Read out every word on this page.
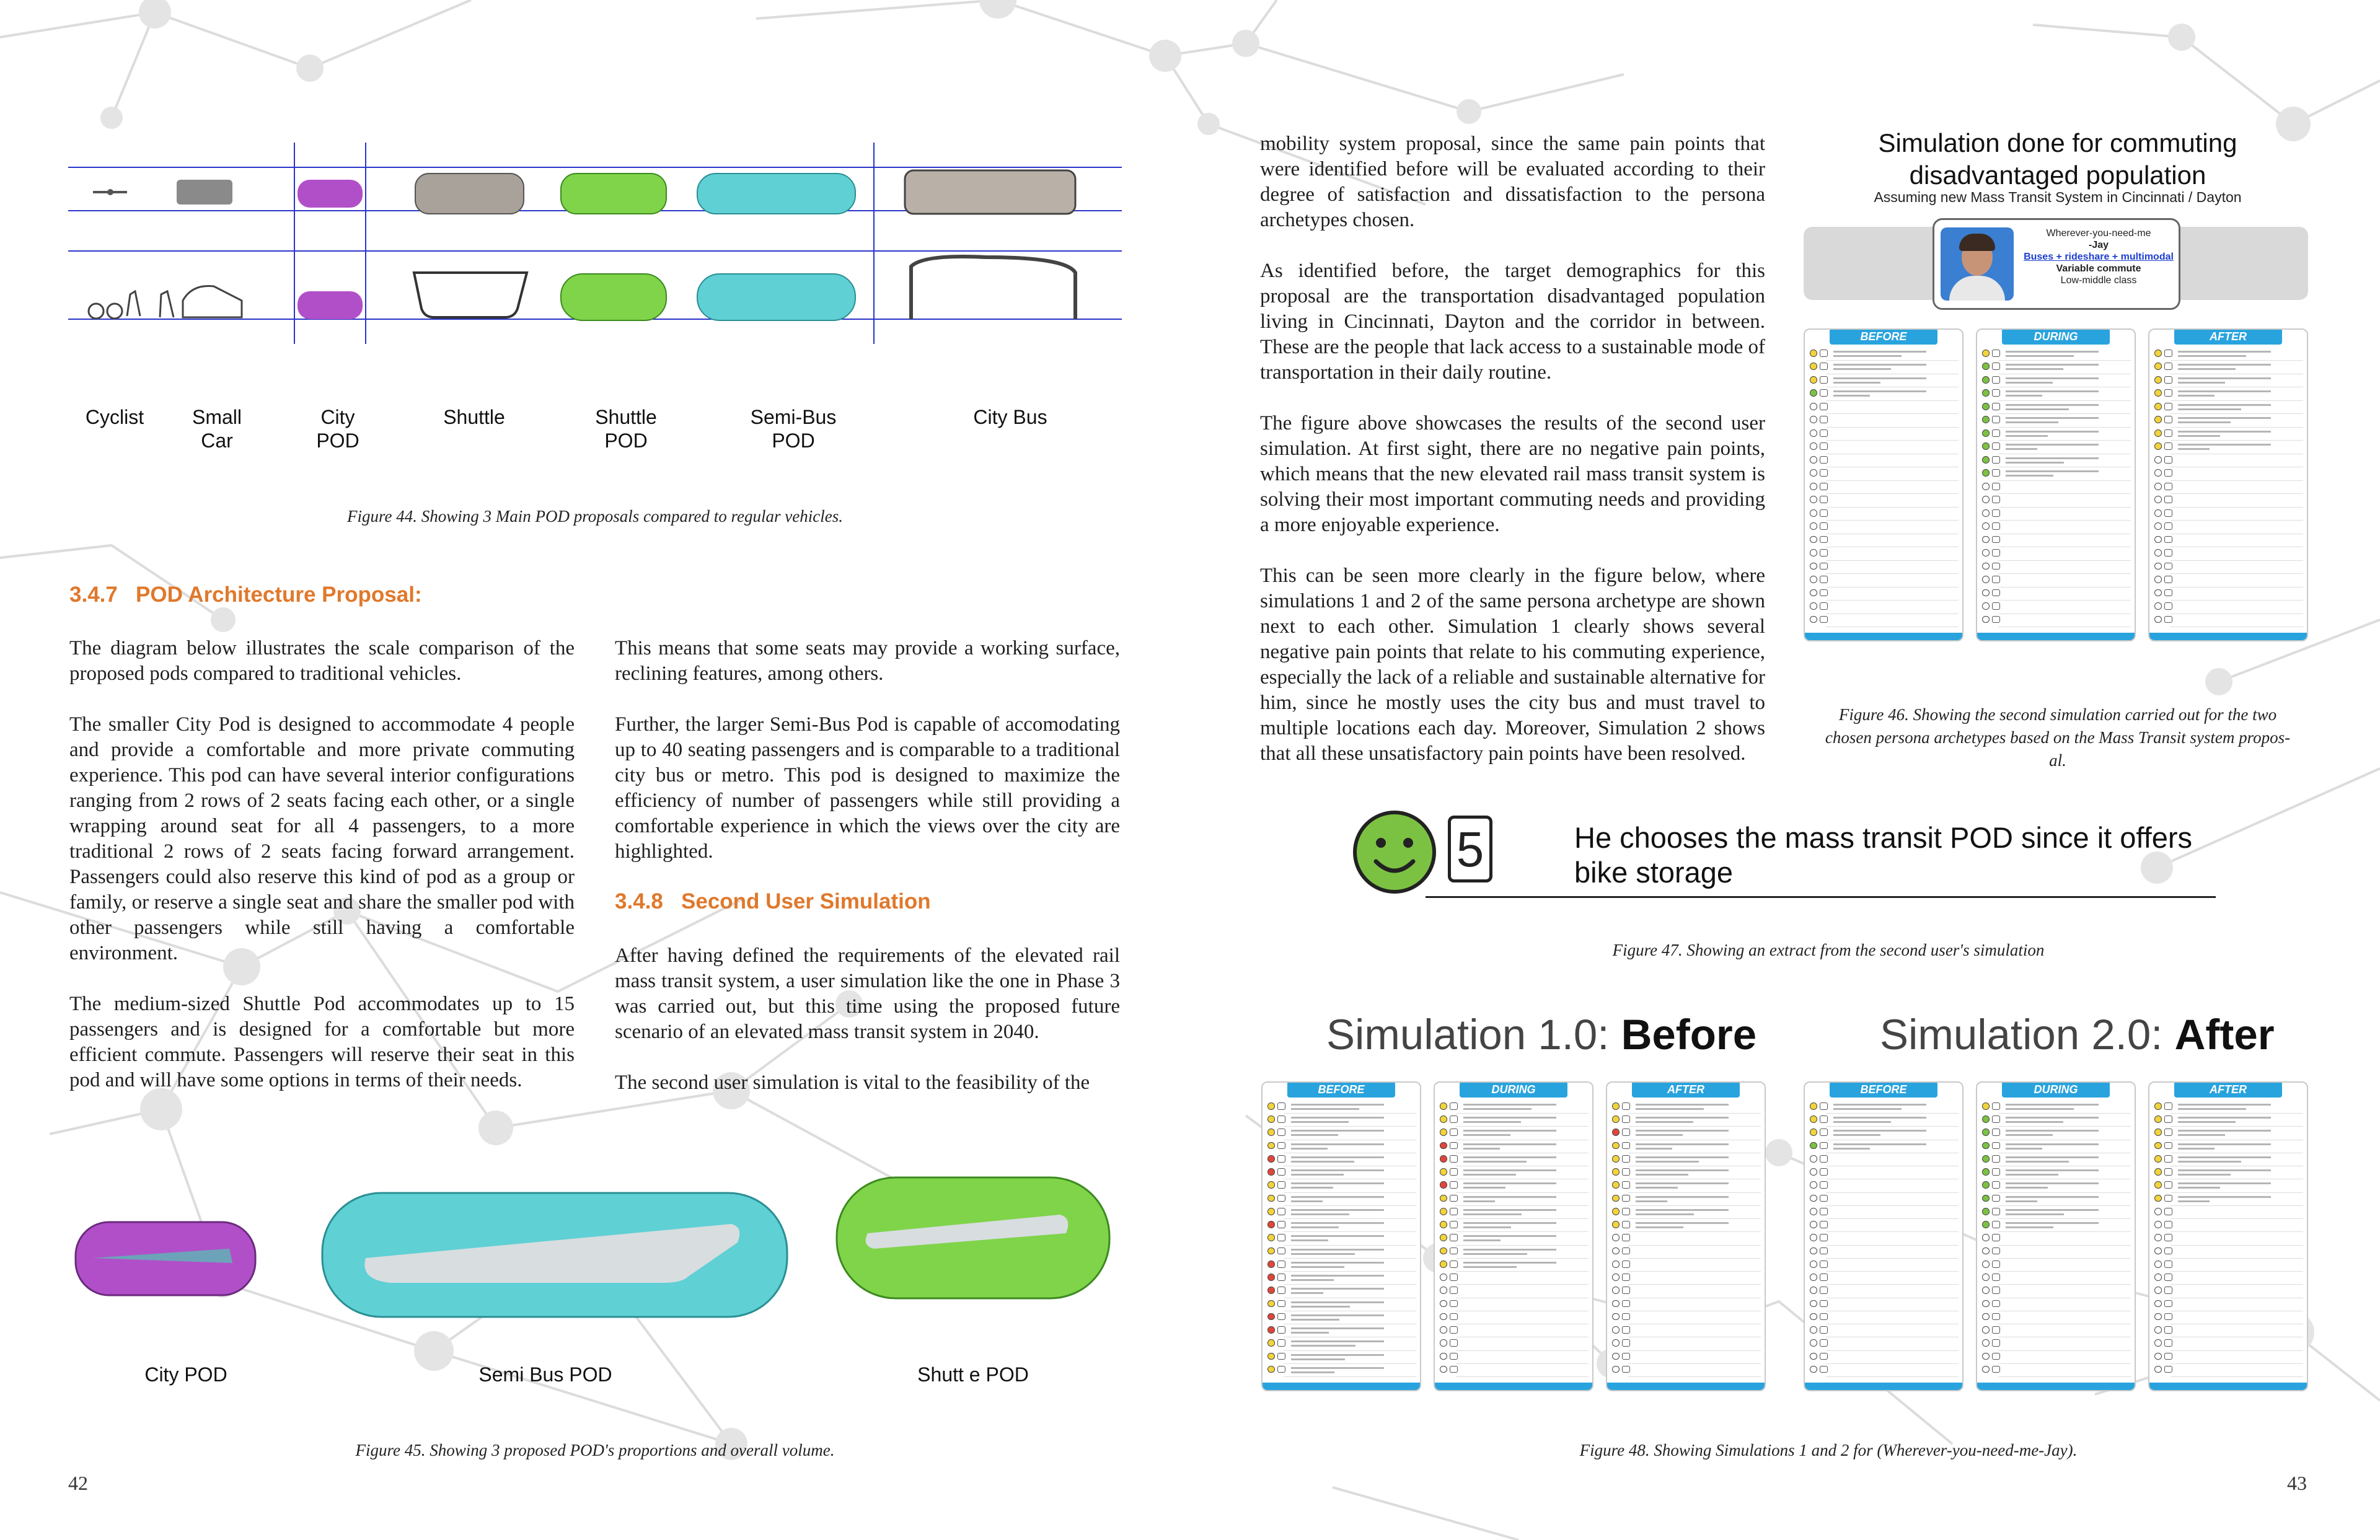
Cyclist	Small
Car
City
POD
Shuttle	Shuttle
POD
Semi-Bus
POD
City Bus
Figure 44. Showing 3 Main POD proposals compared to regular vehicles.
3.4.7   POD Architecture Proposal:

The diagram below illustrates the scale comparison of the proposed pods compared to traditional vehicles.

The smaller City Pod is designed to accommodate 4 people and provide a comfortable and more private commuting experience. This pod can have several interior configurations ranging from 2 rows of 2 seats facing each other, or a single wrapping around seat for all 4 passengers, to a more traditional 2 rows of 2 seats facing forward arrangement. Passengers could also reserve this kind of pod as a group or family, or reserve a single seat and share the smaller pod with other passengers while still having a comfortable environment.

The medium-sized Shuttle Pod accommodates up to 15 passengers and is designed for a comfortable but more efficient commute. Passengers will reserve their seat in this pod and will have some options in terms of their needs.

This means that some seats may provide a working surface, reclining features, among others.

Further, the larger Semi-Bus Pod is capable of accomodating up to 40 seating passengers and is comparable to a traditional city bus or metro. This pod is designed to maximize the efficiency of number of passengers while still providing a comfortable experience in which the views over the city are highlighted.

3.4.8   Second User Simulation

After having defined the requirements of the elevated rail mass transit system, a user simulation like the one in Phase 3 was carried out, but this time using the proposed future scenario of an elevated mass transit system in 2040.

The second user simulation is vital to the feasibility of the

City POD	Semi Bus POD	Shutt e POD
Figure 45. Showing 3 proposed POD's proportions and overall volume.
42

mobility system proposal, since the same pain points that were identified before will be evaluated according to their degree of satisfaction and dissatisfaction to the persona archetypes chosen.

As identified before, the target demographics for this proposal are the transportation disadvantaged population living in Cincinnati, Dayton and the corridor in between. These are the people that lack access to a sustainable mode of transportation in their daily routine.

The figure above showcases the results of the second user simulation. At first sight, there are no negative pain points, which means that the new elevated rail mass transit system is solving their most important commuting needs and providing a more enjoyable experience.

This can be seen more clearly in the figure below, where simulations 1 and 2 of the same persona archetype are shown next to each other. Simulation 1 clearly shows several negative pain points that relate to his commuting experience, especially the lack of a reliable and sustainable alternative for him, since he mostly uses the city bus and must travel to multiple locations each day. Moreover, Simulation 2 shows that all these unsatisfactory pain points have been resolved.

Simulation done for commuting
disadvantaged population
Assuming new Mass Transit System in Cincinnati / Dayton
Wherever-you-need-me
-Jay
Buses + rideshare + multimodal
Variable commute
Low-middle class
BEFORE	DURING	AFTER
Figure 46. Showing the second simulation carried out for the two
chosen persona archetypes based on the Mass Transit system propos-
al.
5	He chooses the mass transit POD since it offers
bike storage
Figure 47. Showing an extract from the second user's simulation
Simulation 1.0: Before	Simulation 2.0: After
BEFORE	DURING	AFTER	BEFORE	DURING	AFTER
Figure 48. Showing Simulations 1 and 2 for (Wherever-you-need-me-Jay).
43
